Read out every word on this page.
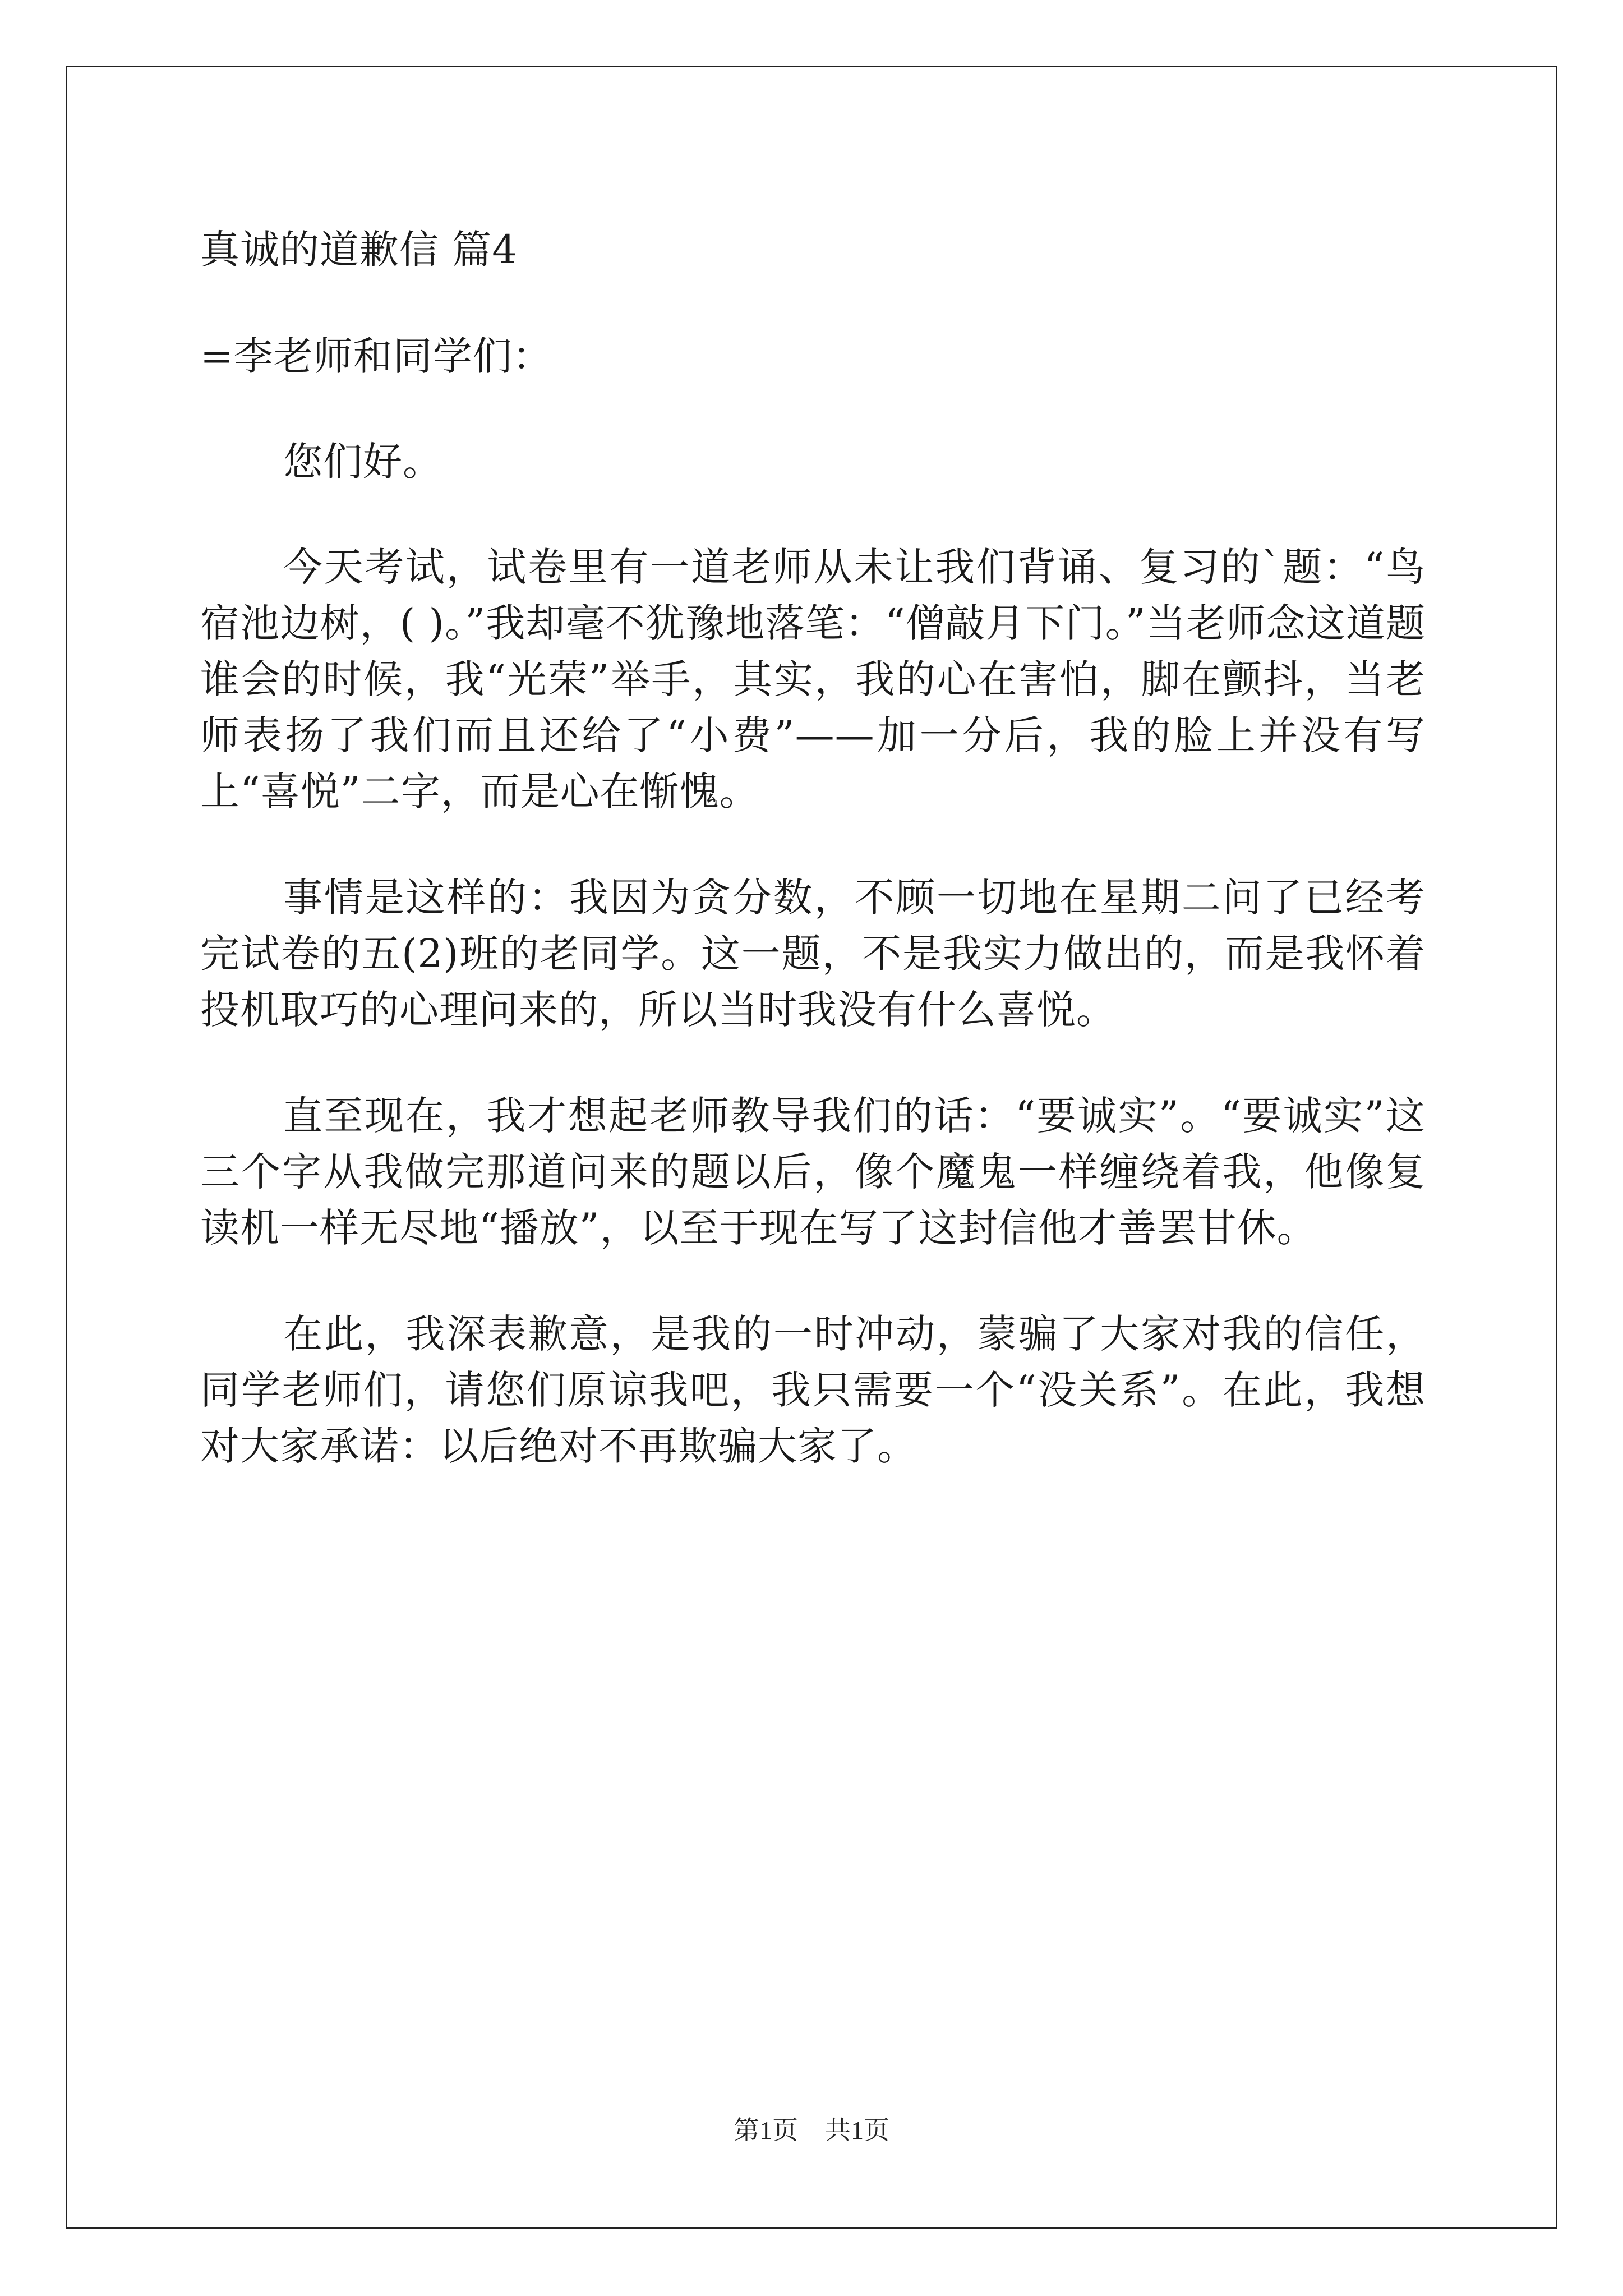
真诚的道歉信 篇4
=李老师和同学们：

您们好。

今天考试，试卷里有一道老师从未让我们背诵、复习的`题：“鸟宿池边树，( )。”我却毫不犹豫地落笔：“僧敲月下门。”当老师念这道题谁会的时候，我“光荣”举手，其实，我的心在害怕，脚在颤抖，当老师表扬了我们而且还给了“小费”——加一分后，我的脸上并没有写上“喜悦”二字，而是心在惭愧。

事情是这样的：我因为贪分数，不顾一切地在星期二问了已经考完试卷的五(2)班的老同学。这一题，不是我实力做出的，而是我怀着投机取巧的心理问来的，所以当时我没有什么喜悦。

直至现在，我才想起老师教导我们的话：“要诚实”。“要诚实”这三个字从我做完那道问来的题以后，像个魔鬼一样缠绕着我，他像复读机一样无尽地“播放”，以至于现在写了这封信他才善罢甘休。

在此，我深表歉意，是我的一时冲动，蒙骗了大家对我的信任，同学老师们，请您们原谅我吧，我只需要一个“没关系”。在此，我想对大家承诺：以后绝对不再欺骗大家了。

第1页 共1页
